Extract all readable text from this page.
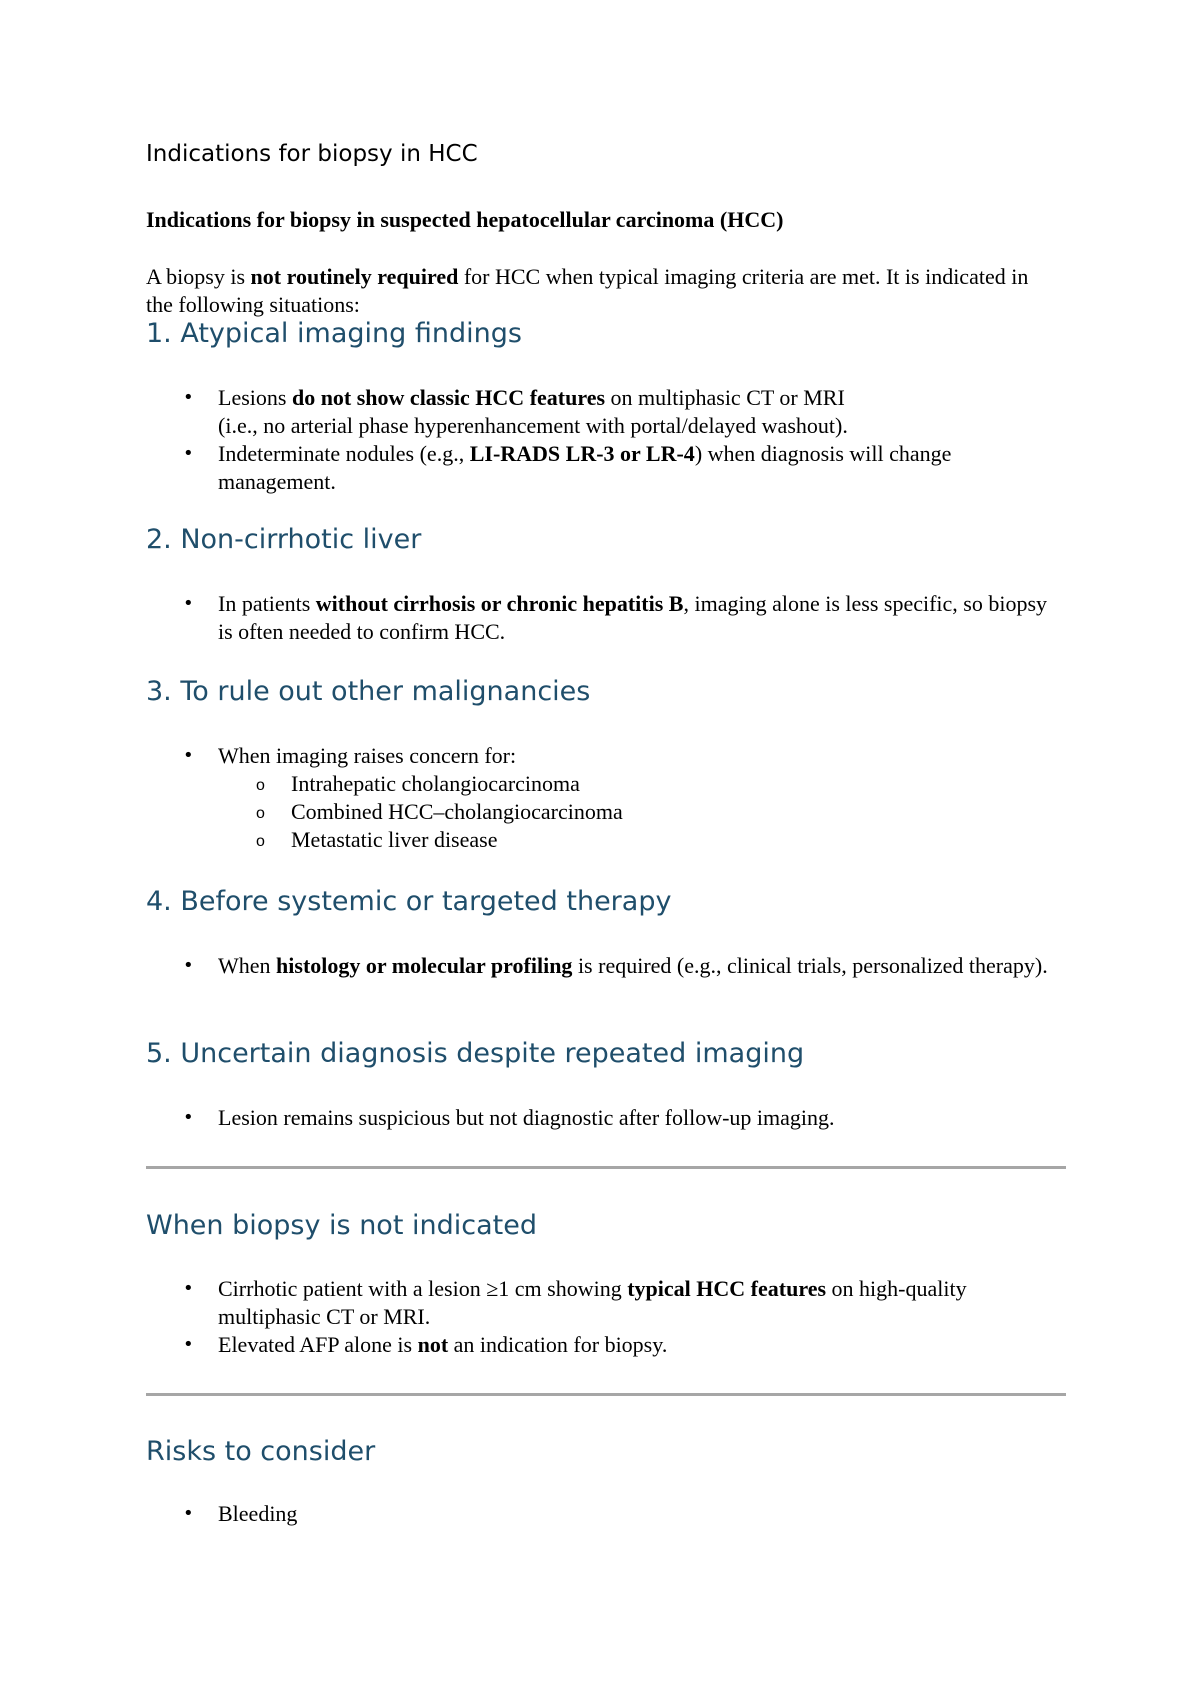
Indications for biopsy in HCC
Indications for biopsy in suspected hepatocellular carcinoma (HCC)

A biopsy is not routinely required for HCC when typical imaging criteria are met. It is indicated in the following situations:

1. Atypical imaging findings
• Lesions do not show classic HCC features on multiphasic CT or MRI
(i.e., no arterial phase hyperenhancement with portal/delayed washout).
• Indeterminate nodules (e.g., LI-RADS LR-3 or LR-4) when diagnosis will change management.
2. Non-cirrhotic liver
• In patients without cirrhosis or chronic hepatitis B, imaging alone is less specific, so biopsy is often needed to confirm HCC.
3. To rule out other malignancies
• When imaging raises concern for:
o Intrahepatic cholangiocarcinoma
o Combined HCC–cholangiocarcinoma
o Metastatic liver disease
4. Before systemic or targeted therapy
• When histology or molecular profiling is required (e.g., clinical trials, personalized therapy).
5. Uncertain diagnosis despite repeated imaging
• Lesion remains suspicious but not diagnostic after follow-up imaging.
When biopsy is not indicated
• Cirrhotic patient with a lesion ≥1 cm showing typical HCC features on high-quality multiphasic CT or MRI.
• Elevated AFP alone is not an indication for biopsy.
Risks to consider
• Bleeding
